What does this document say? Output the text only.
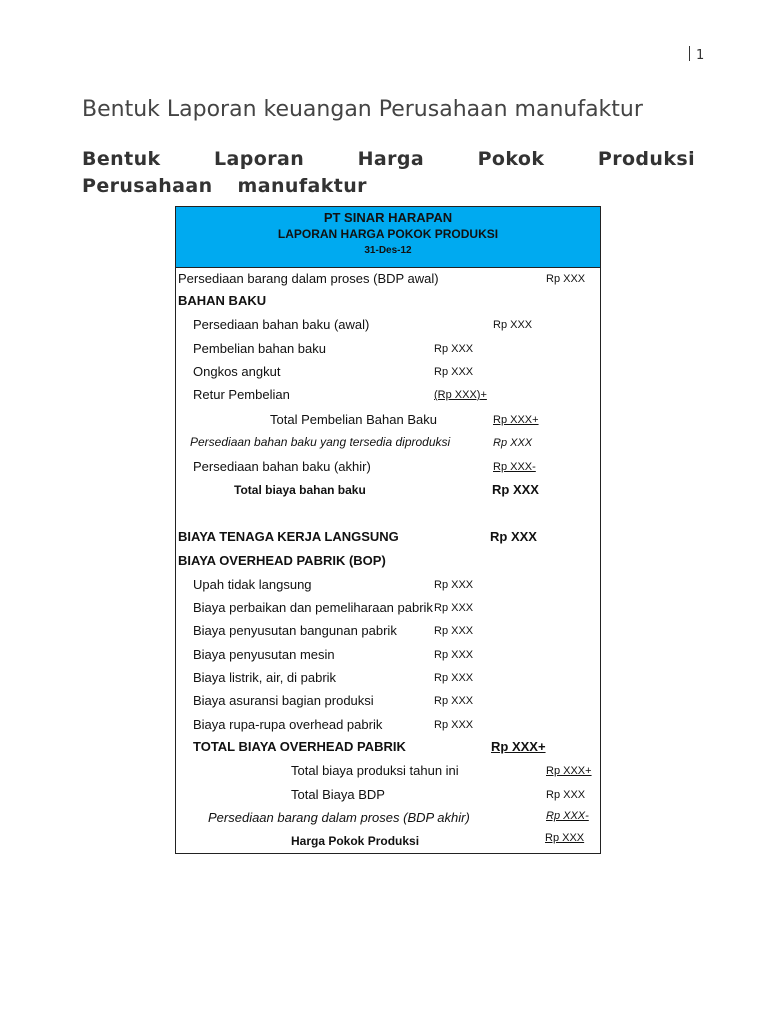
1
Bentuk Laporan keuangan Perusahaan manufaktur
Bentuk Laporan Harga Pokok Produksi Perusahaan manufaktur
PT SINAR HARAPAN
LAPORAN HARGA POKOK PRODUKSI
31-Des-12
Persediaan barang dalam proses (BDP awal)	Rp XXX
BAHAN BAKU
Persediaan bahan baku (awal)	Rp XXX
Pembelian bahan baku	Rp XXX
Ongkos angkut	Rp XXX
Retur Pembelian	(Rp XXX)+
Total Pembelian Bahan Baku	Rp XXX+
Persediaan bahan baku yang tersedia diproduksi	Rp XXX
Persediaan bahan baku (akhir)	Rp XXX-
Total biaya bahan baku	Rp XXX
BIAYA TENAGA KERJA LANGSUNG	Rp XXX
BIAYA OVERHEAD PABRIK (BOP)
Upah tidak langsung	Rp XXX
Biaya perbaikan dan pemeliharaan pabrik Rp XXX
Biaya penyusutan bangunan pabrik	Rp XXX
Biaya penyusutan mesin	Rp XXX
Biaya listrik, air, di pabrik	Rp XXX
Biaya asuransi bagian produksi	Rp XXX
Biaya rupa-rupa overhead pabrik	Rp XXX
TOTAL BIAYA OVERHEAD PABRIK	Rp XXX+
Total biaya produksi tahun ini	Rp XXX+
Total Biaya BDP	Rp XXX
Persediaan barang dalam proses (BDP akhir)	Rp XXX-
Harga Pokok Produksi	Rp XXX
